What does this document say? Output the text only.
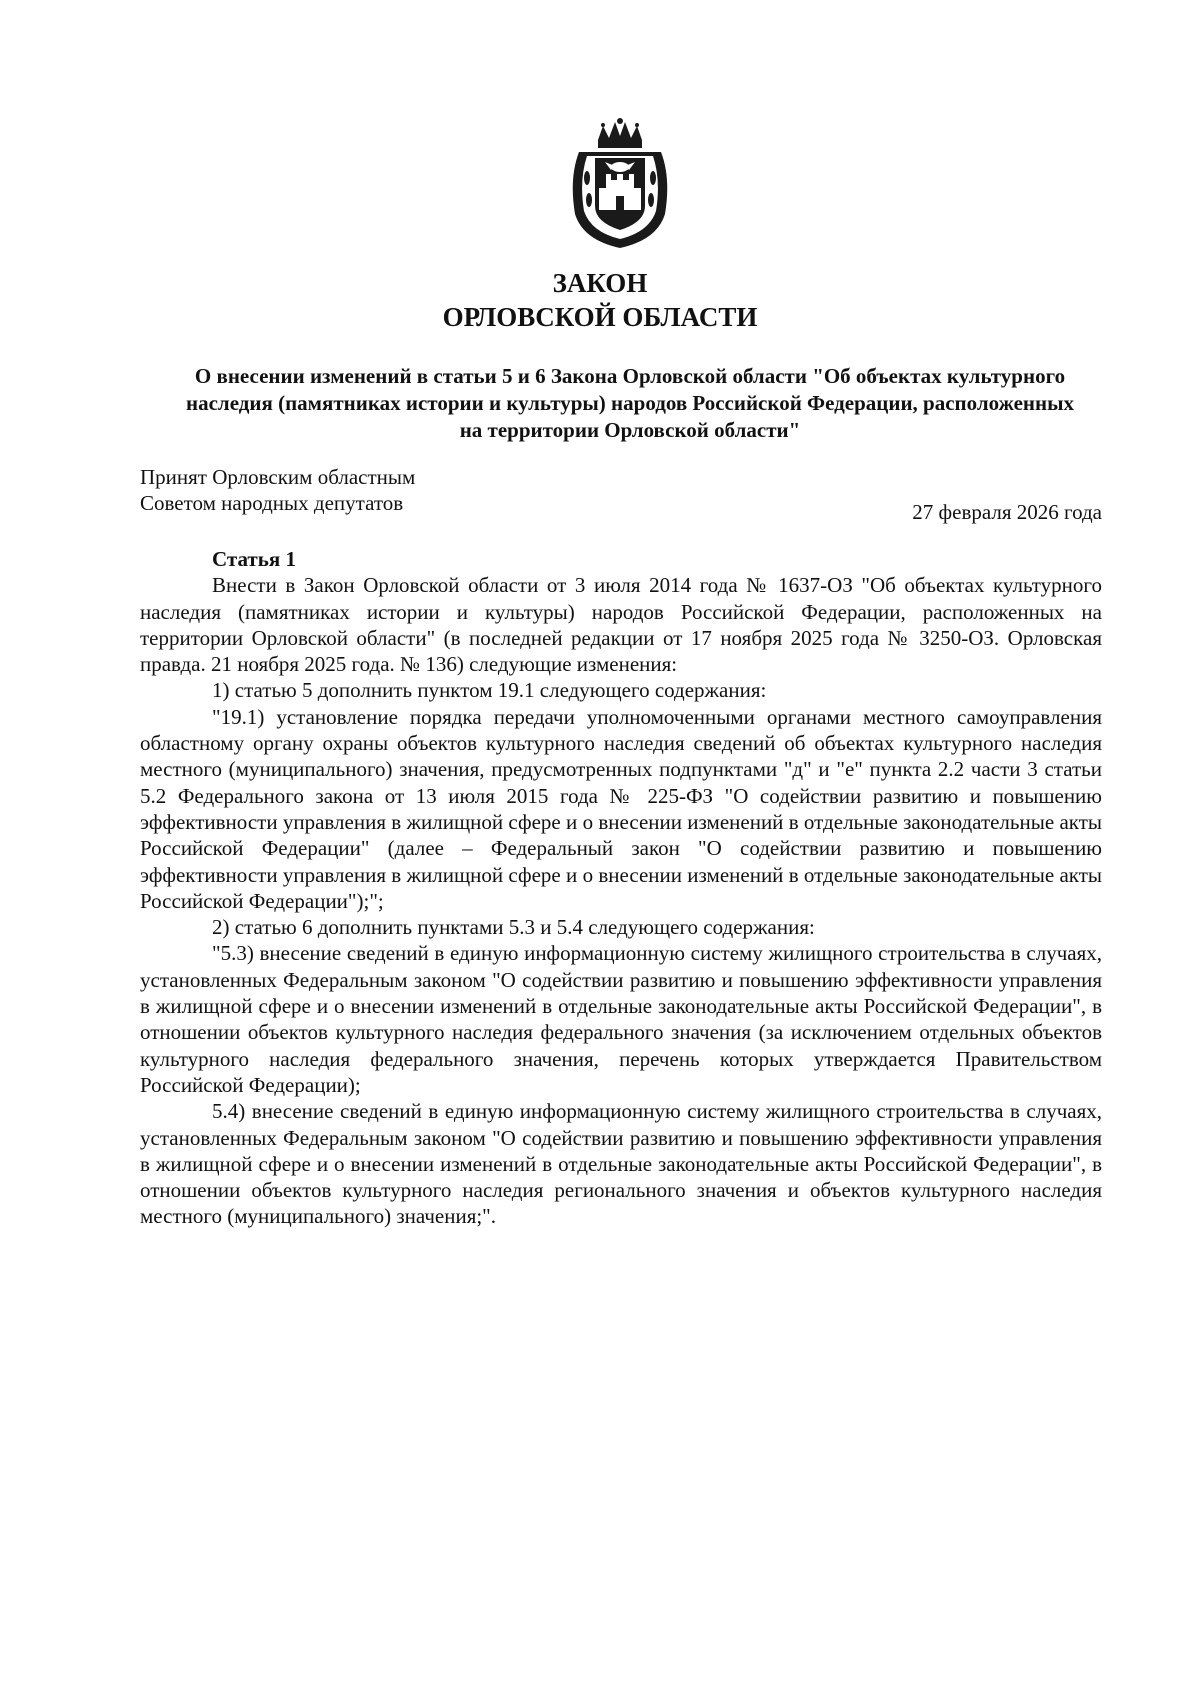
ЗАКОН
ОРЛОВСКОЙ ОБЛАСТИ
О внесении изменений в статьи 5 и 6 Закона Орловской области "Об объектах культурного наследия (памятниках истории и культуры) народов Российской Федерации, расположенных на территории Орловской области"
Принят Орловским областным
Советом народных депутатов	27 февраля 2026 года

Статья 1

Внести в Закон Орловской области от 3 июля 2014 года № 1637-ОЗ "Об объектах культурного наследия (памятниках истории и культуры) народов Российской Федерации, расположенных на территории Орловской области" (в последней редакции от 17 ноября 2025 года № 3250-ОЗ. Орловская правда. 21 ноября 2025 года. № 136) следующие изменения:

1) статью 5 дополнить пунктом 19.1 следующего содержания:

"19.1) установление порядка передачи уполномоченными органами местного самоуправления областному органу охраны объектов культурного наследия сведений об объектах культурного наследия местного (муниципального) значения, предусмотренных подпунктами "д" и "е" пункта 2.2 части 3 статьи 5.2 Федерального закона от 13 июля 2015 года № 225-ФЗ "О содействии развитию и повышению эффективности управления в жилищной сфере и о внесении изменений в отдельные законодательные акты Российской Федерации" (далее – Федеральный закон "О содействии развитию и повышению эффективности управления в жилищной сфере и о внесении изменений в отдельные законодательные акты Российской Федерации");";

2) статью 6 дополнить пунктами 5.3 и 5.4 следующего содержания:

"5.3) внесение сведений в единую информационную систему жилищного строительства в случаях, установленных Федеральным законом "О содействии развитию и повышению эффективности управления в жилищной сфере и о внесении изменений в отдельные законодательные акты Российской Федерации", в отношении объектов культурного наследия федерального значения (за исключением отдельных объектов культурного наследия федерального значения, перечень которых утверждается Правительством Российской Федерации);

5.4) внесение сведений в единую информационную систему жилищного строительства в случаях, установленных Федеральным законом "О содействии развитию и повышению эффективности управления в жилищной сфере и о внесении изменений в отдельные законодательные акты Российской Федерации", в отношении объектов культурного наследия регионального значения и объектов культурного наследия местного (муниципального) значения;".
